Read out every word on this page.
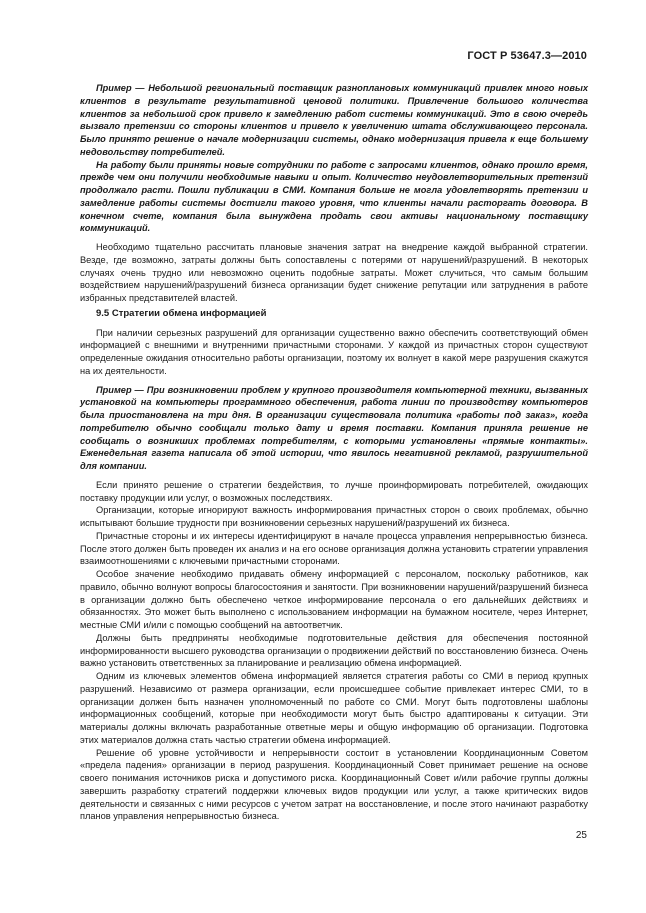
ГОСТ Р 53647.3—2010

Пример — Небольшой региональный поставщик разноплановых коммуникаций привлек много новых клиентов в результате результативной ценовой политики. Привлечение большого количества клиентов за небольшой срок привело к замедлению работ системы коммуникаций. Это в свою очередь вызвало претензии со стороны клиентов и привело к увеличению штата обслуживающего персонала. Было принято решение о начале модернизации системы, однако модернизация привела к еще большему недовольству потребителей.

На работу были приняты новые сотрудники по работе с запросами клиентов, однако прошло время, прежде чем они получили необходимые навыки и опыт. Количество неудовлетворительных претензий продолжало расти. Пошли публикации в СМИ. Компания больше не могла удовлетворять претензии и замедление работы системы достигли такого уровня, что клиенты начали расторгать договора. В конечном счете, компания была вынуждена продать свои активы национальному поставщику коммуникаций.

Необходимо тщательно рассчитать плановые значения затрат на внедрение каждой выбранной стратегии. Везде, где возможно, затраты должны быть сопоставлены с потерями от нарушений/разрушений. В некоторых случаях очень трудно или невозможно оценить подобные затраты. Может случиться, что самым большим воздействием нарушений/разрушений бизнеса организации будет снижение репутации или затруднения в работе избранных представителей властей.

9.5 Стратегии обмена информацией

При наличии серьезных разрушений для организации существенно важно обеспечить соответствующий обмен информацией с внешними и внутренними причастными сторонами. У каждой из причастных сторон существуют определенные ожидания относительно работы организации, поэтому их волнует в какой мере разрушения скажутся на их деятельности.

Пример — При возникновении проблем у крупного производителя компьютерной техники, вызванных установкой на компьютеры программного обеспечения, работа линии по производству компьютеров была приостановлена на три дня. В организации существовала политика «работы под заказ», когда потребителю обычно сообщали только дату и время поставки. Компания приняла решение не сообщать о возникших проблемах потребителям, с которыми установлены «прямые контакты». Еженедельная газета написала об этой истории, что явилось негативной рекламой, разрушительной для компании.

Если принято решение о стратегии бездействия, то лучше проинформировать потребителей, ожидающих поставку продукции или услуг, о возможных последствиях.

Организации, которые игнорируют важность информирования причастных сторон о своих проблемах, обычно испытывают большие трудности при возникновении серьезных нарушений/разрушений их бизнеса.

Причастные стороны и их интересы идентифицируют в начале процесса управления непрерывностью бизнеса. После этого должен быть проведен их анализ и на его основе организация должна установить стратегии управления взаимоотношениями с ключевыми причастными сторонами.

Особое значение необходимо придавать обмену информацией с персоналом, поскольку работников, как правило, обычно волнуют вопросы благосостояния и занятости. При возникновении нарушений/разрушений бизнеса в организации должно быть обеспечено четкое информирование персонала о его дальнейших действиях и обязанностях. Это может быть выполнено с использованием информации на бумажном носителе, через Интернет, местные СМИ и/или с помощью сообщений на автоответчик.

Должны быть предприняты необходимые подготовительные действия для обеспечения постоянной информированности высшего руководства организации о продвижении действий по восстановлению бизнеса. Очень важно установить ответственных за планирование и реализацию обмена информацией.

Одним из ключевых элементов обмена информацией является стратегия работы со СМИ в период крупных разрушений. Независимо от размера организации, если происшедшее событие привлекает интерес СМИ, то в организации должен быть назначен уполномоченный по работе со СМИ. Могут быть подготовлены шаблоны информационных сообщений, которые при необходимости могут быть быстро адаптированы к ситуации. Эти материалы должны включать разработанные ответные меры и общую информацию об организации. Подготовка этих материалов должна стать частью стратегии обмена информацией.

Решение об уровне устойчивости и непрерывности состоит в установлении Координационным Советом «предела падения» организации в период разрушения. Координационный Совет принимает решение на основе своего понимания источников риска и допустимого риска. Координационный Совет и/или рабочие группы должны завершить разработку стратегий поддержки ключевых видов продукции или услуг, а также критических видов деятельности и связанных с ними ресурсов с учетом затрат на восстановление, и после этого начинают разработку планов управления непрерывностью бизнеса.

25
